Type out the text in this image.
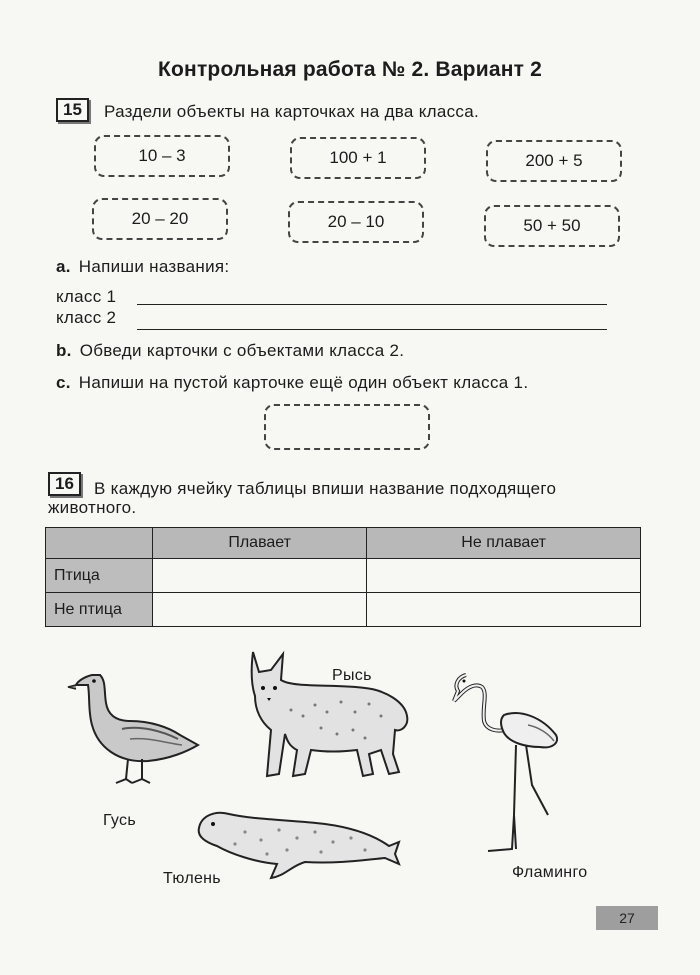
Контрольная работа № 2. Вариант 2
15	Раздели объекты на карточках на два класса.
10 – 3	100 + 1	200 + 5
20 – 20	20 – 10	50 + 50
a. Напиши названия:
класс 1
класс 2
b. Обведи карточки с объектами класса 2.
c. Напиши на пустой карточке ещё один объект класса 1.
16	В каждую ячейку таблицы впиши название подходящего
животного.
	Плавает	Не плавает
Птица		
Не птица		
Гусь
Рысь
Фламинго
Тюлень
27
